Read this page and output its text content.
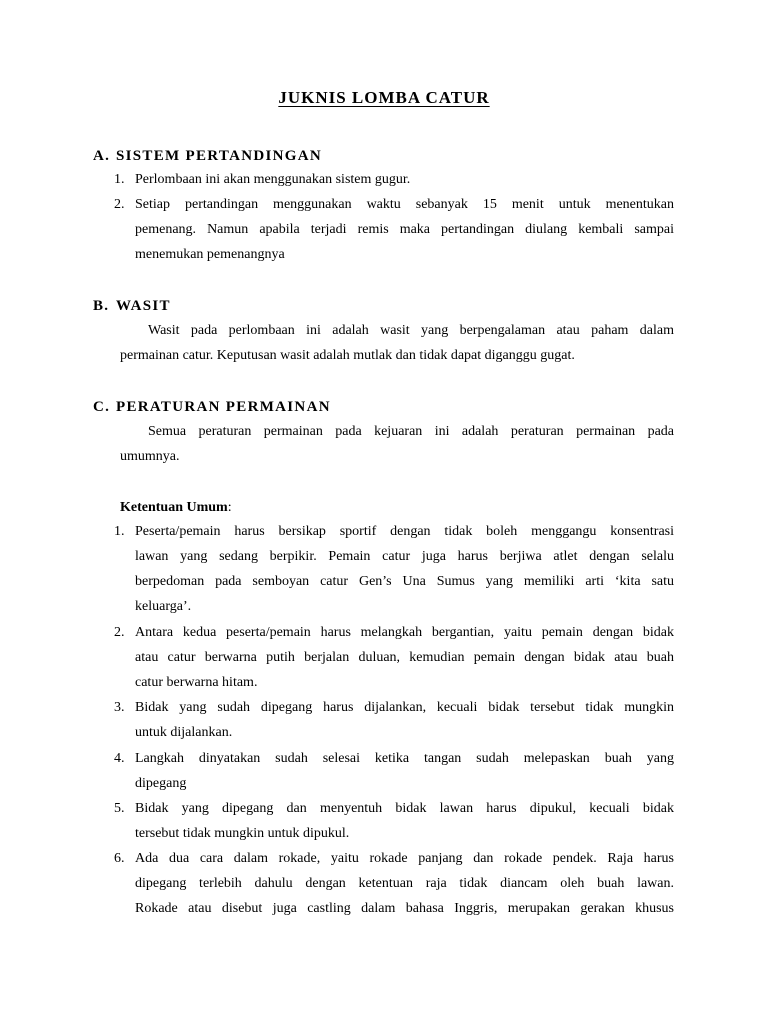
JUKNIS LOMBA CATUR
A. SISTEM PERTANDINGAN
1. Perlombaan ini akan menggunakan sistem gugur.
2. Setiap pertandingan menggunakan waktu sebanyak 15 menit untuk menentukan
pemenang. Namun apabila terjadi remis maka pertandingan diulang kembali sampai
menemukan pemenangnya
B. WASIT
Wasit pada perlombaan ini adalah wasit yang berpengalaman atau paham dalam
permainan catur. Keputusan wasit adalah mutlak dan tidak dapat diganggu gugat.
C. PERATURAN PERMAINAN
Semua peraturan permainan pada kejuaran ini adalah peraturan permainan pada
umumnya.
Ketentuan Umum:
1. Peserta/pemain harus bersikap sportif dengan tidak boleh menggangu konsentrasi
lawan yang sedang berpikir. Pemain catur juga harus berjiwa atlet dengan selalu
berpedoman pada semboyan catur Gen’s Una Sumus yang memiliki arti ‘kita satu
keluarga’.
2. Antara kedua peserta/pemain harus melangkah bergantian, yaitu pemain dengan bidak
atau catur berwarna putih berjalan duluan, kemudian pemain dengan bidak atau buah
catur berwarna hitam.
3. Bidak yang sudah dipegang harus dijalankan, kecuali bidak tersebut tidak mungkin
untuk dijalankan.
4. Langkah dinyatakan sudah selesai ketika tangan sudah melepaskan buah yang
dipegang
5. Bidak yang dipegang dan menyentuh bidak lawan harus dipukul, kecuali bidak
tersebut tidak mungkin untuk dipukul.
6. Ada dua cara dalam rokade, yaitu rokade panjang dan rokade pendek. Raja harus
dipegang terlebih dahulu dengan ketentuan raja tidak diancam oleh buah lawan.
Rokade atau disebut juga castling dalam bahasa Inggris, merupakan gerakan khusus
